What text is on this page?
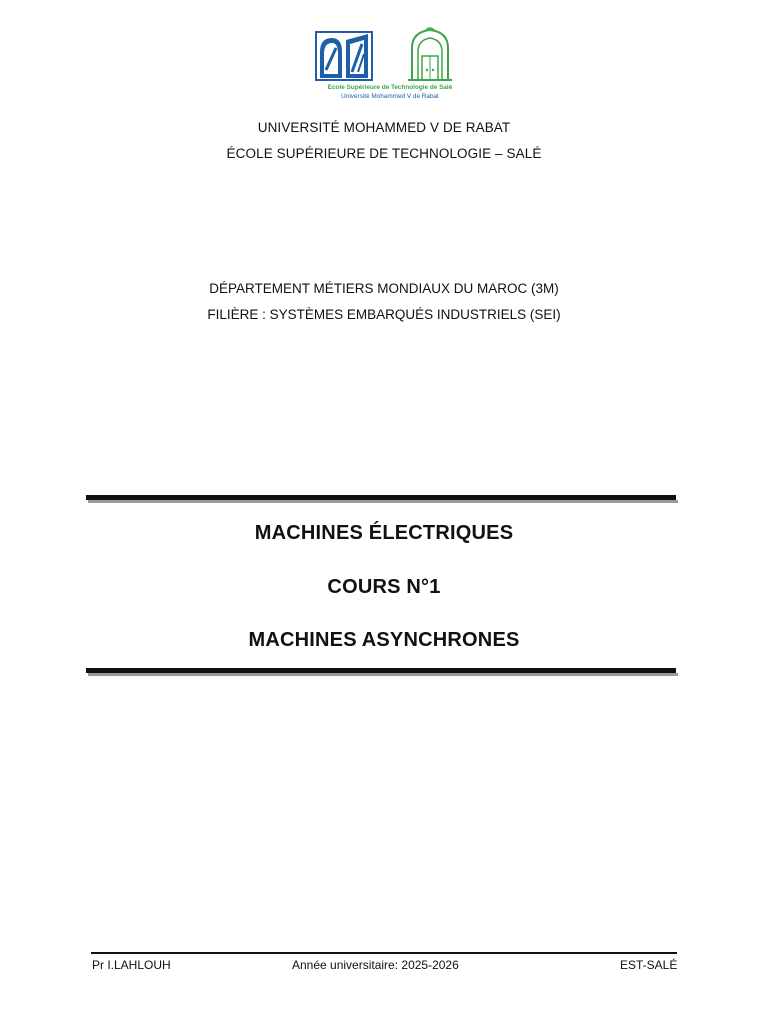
Ecole Supérieure de Technologie de Salé
Université Mohammed V de Rabat
UNIVERSITÉ MOHAMMED V DE RABAT
ÉCOLE SUPÉRIEURE DE TECHNOLOGIE – SALÉ
DÉPARTEMENT MÉTIERS MONDIAUX DU MAROC (3M)
FILIÈRE : SYSTÈMES EMBARQUÉS INDUSTRIELS (SEI)
MACHINES ÉLECTRIQUES
COURS N°1
MACHINES ASYNCHRONES
Pr I.LAHLOUH	Année universitaire: 2025-2026	EST-SALÉ
